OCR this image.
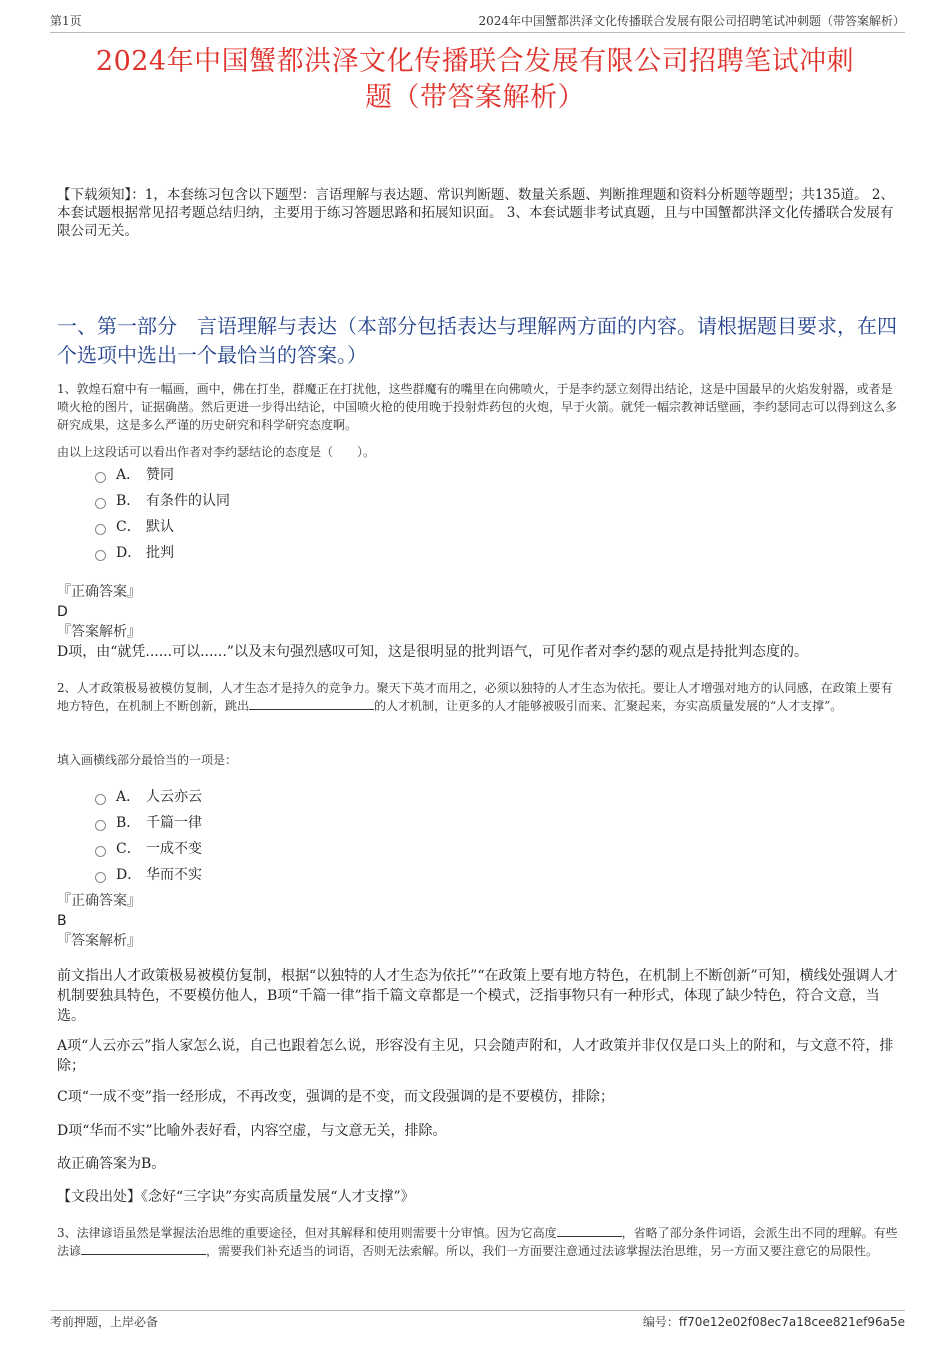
第1页	2024年中国蟹都洪泽文化传播联合发展有限公司招聘笔试冲刺题（带答案解析）
2024年中国蟹都洪泽文化传播联合发展有限公司招聘笔试冲刺
题（带答案解析）
【下载须知】：1，本套练习包含以下题型：言语理解与表达题、常识判断题、数量关系题、判断推理题和资料分析题等题型；共135道。 2、本套试题根据常见招考题总结归纳，主要用于练习答题思路和拓展知识面。 3、本套试题非考试真题，且与中国蟹都洪泽文化传播联合发展有限公司无关。
一、第一部分　言语理解与表达（本部分包括表达与理解两方面的内容。请根据题目要求，在四个选项中选出一个最恰当的答案。）
1、敦煌石窟中有一幅画，画中，佛在打坐，群魔正在打扰他，这些群魔有的嘴里在向佛喷火，于是李约瑟立刻得出结论，这是中国最早的火焰发射器，或者是喷火枪的图片，证据确凿。然后更进一步得出结论，中国喷火枪的使用晚于投射炸药包的火炮，早于火箭。就凭一幅宗教神话壁画，李约瑟同志可以得到这么多研究成果，这是多么严谨的历史研究和科学研究态度啊。
由以上这段话可以看出作者对李约瑟结论的态度是（　　）。
A． 赞同
B． 有条件的认同
C． 默认
D． 批判
『正确答案』
D
『答案解析』
D项，由“就凭......可以......”以及末句强烈感叹可知，这是很明显的批判语气，可见作者对李约瑟的观点是持批判态度的。
2、人才政策极易被模仿复制，人才生态才是持久的竞争力。聚天下英才而用之，必须以独特的人才生态为依托。要让人才增强对地方的认同感，在政策上要有地方特色，在机制上不断创新，跳出	的人才机制，让更多的人才能够被吸引而来、汇聚起来，夯实高质量发展的“人才支撑”。
填入画横线部分最恰当的一项是：
A． 人云亦云
B． 千篇一律
C． 一成不变
D． 华而不实
『正确答案』
B
『答案解析』
前文指出人才政策极易被模仿复制，根据“以独特的人才生态为依托”“在政策上要有地方特色，在机制上不断创新”可知，横线处强调人才机制要独具特色，不要模仿他人，B项“千篇一律”指千篇文章都是一个模式，泛指事物只有一种形式，体现了缺少特色，符合文意，当选。
A项“人云亦云”指人家怎么说，自己也跟着怎么说，形容没有主见，只会随声附和，人才政策并非仅仅是口头上的附和，与文意不符，排除；
C项“一成不变”指一经形成，不再改变，强调的是不变，而文段强调的是不要模仿，排除；
D项“华而不实”比喻外表好看，内容空虚，与文意无关，排除。
故正确答案为B。
【文段出处】《念好“三字诀”夯实高质量发展“人才支撑”》
3、法律谚语虽然是掌握法治思维的重要途径，但对其解释和使用则需要十分审慎。因为它高度	，省略了部分条件词语，会派生出不同的理解。有些法谚	，需要我们补充适当的词语，否则无法索解。所以，我们一方面要注意通过法谚掌握法治思维，另一方面又要注意它的局限性。
考前押题，上岸必备	编号：ff70e12e02f08ec7a18cee821ef96a5e
